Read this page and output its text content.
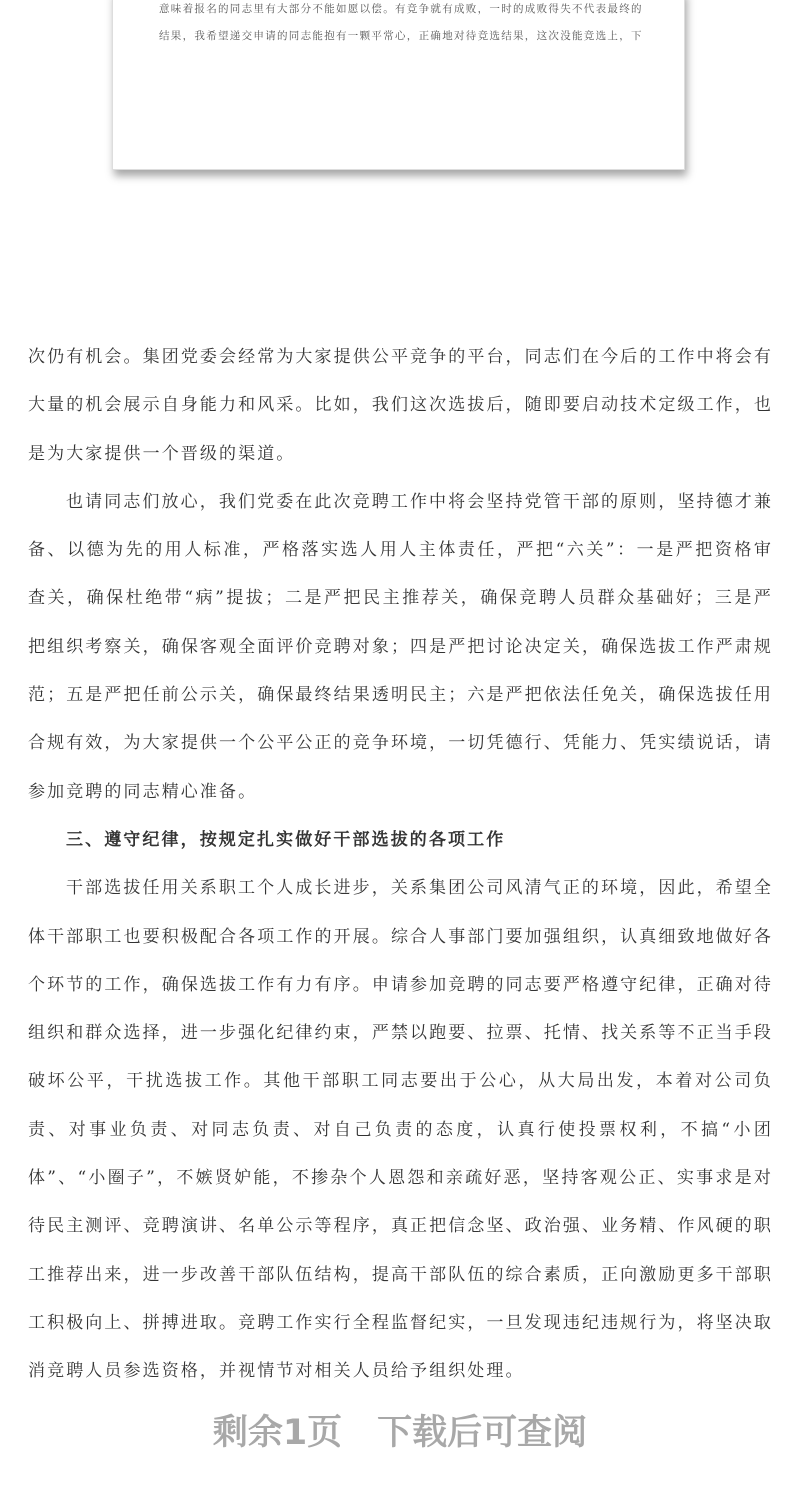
意味着报名的同志里有大部分不能如愿以偿。有竞争就有成败，一时的成败得失不代表最终的

结果，我希望递交申请的同志能抱有一颗平常心，正确地对待竞选结果，这次没能竞选上，下

次仍有机会。集团党委会经常为大家提供公平竞争的平台，同志们在今后的工作中将会有大量的机会展示自身能力和风采。比如，我们这次选拔后，随即要启动技术定级工作，也是为大家提供一个晋级的渠道。

也请同志们放心，我们党委在此次竞聘工作中将会坚持党管干部的原则，坚持德才兼备、以德为先的用人标准，严格落实选人用人主体责任，严把“六关”：一是严把资格审查关，确保杜绝带“病”提拔；二是严把民主推荐关，确保竞聘人员群众基础好；三是严把组织考察关，确保客观全面评价竞聘对象；四是严把讨论决定关，确保选拔工作严肃规范；五是严把任前公示关，确保最终结果透明民主；六是严把依法任免关，确保选拔任用合规有效，为大家提供一个公平公正的竞争环境，一切凭德行、凭能力、凭实绩说话，请参加竞聘的同志精心准备。

三、遵守纪律，按规定扎实做好干部选拔的各项工作

干部选拔任用关系职工个人成长进步，关系集团公司风清气正的环境，因此，希望全体干部职工也要积极配合各项工作的开展。综合人事部门要加强组织，认真细致地做好各个环节的工作，确保选拔工作有力有序。申请参加竞聘的同志要严格遵守纪律，正确对待组织和群众选择，进一步强化纪律约束，严禁以跑要、拉票、托情、找关系等不正当手段破坏公平，干扰选拔工作。其他干部职工同志要出于公心，从大局出发，本着对公司负责、对事业负责、对同志负责、对自己负责的态度，认真行使投票权利，不搞“小团体”、“小圈子”，不嫉贤妒能，不掺杂个人恩怨和亲疏好恶，坚持客观公正、实事求是对待民主测评、竞聘演讲、名单公示等程序，真正把信念坚、政治强、业务精、作风硬的职工推荐出来，进一步改善干部队伍结构，提高干部队伍的综合素质，正向激励更多干部职工积极向上、拼搏进取。竞聘工作实行全程监督纪实，一旦发现违纪违规行为，将坚决取消竞聘人员参选资格，并视情节对相关人员给予组织处理。

剩余1页　下载后可查阅
